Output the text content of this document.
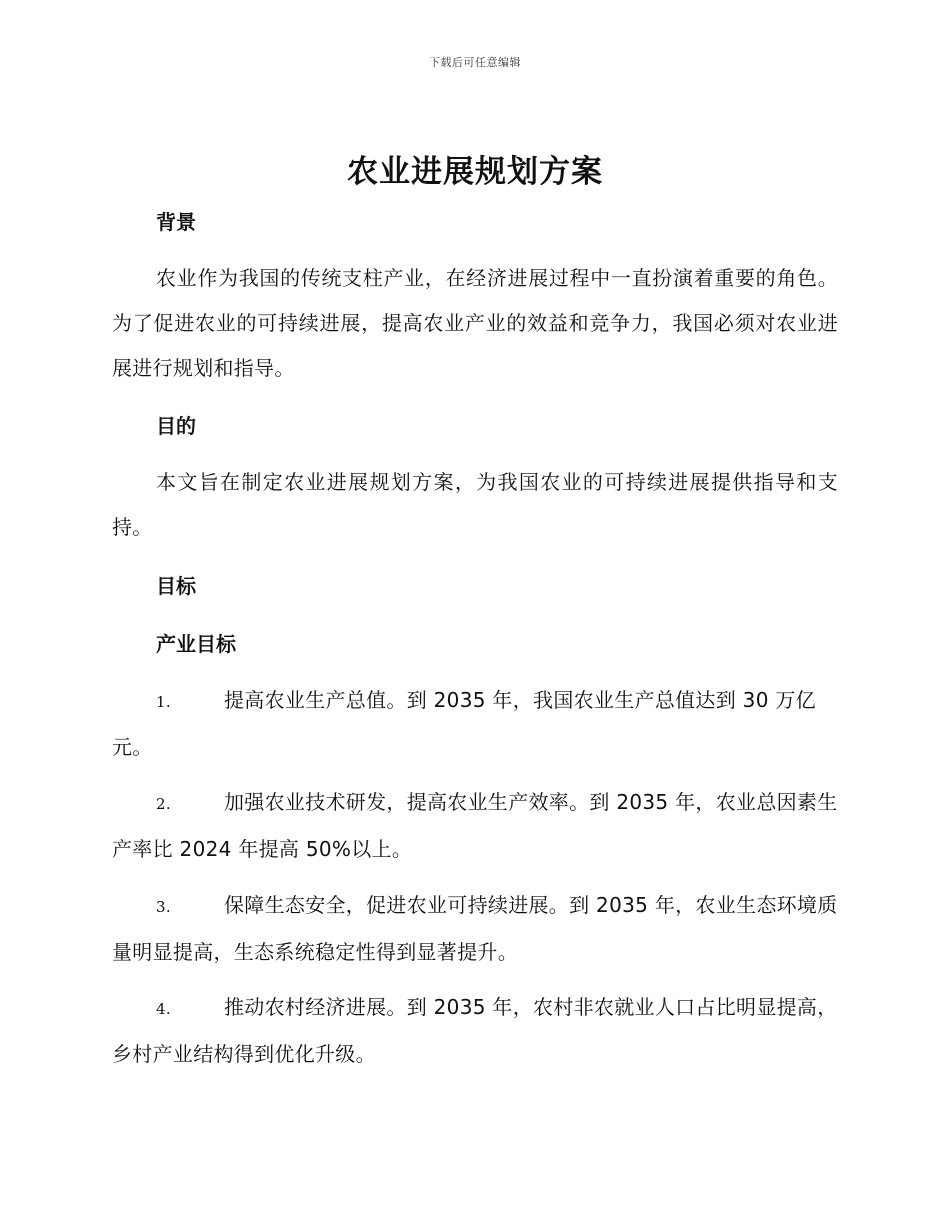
下载后可任意编辑
农业进展规划方案
背景

农业作为我国的传统支柱产业，在经济进展过程中一直扮演着重要的角色。为了促进农业的可持续进展，提高农业产业的效益和竞争力，我国必须对农业进展进行规划和指导。

目的

本文旨在制定农业进展规划方案，为我国农业的可持续进展提供指导和支持。

目标
产业目标

1.	提高农业生产总值。到 2035 年，我国农业生产总值达到 30 万亿元。

2.	加强农业技术研发，提高农业生产效率。到 2035 年，农业总因素生产率比 2024 年提高 50%以上。

3.	保障生态安全，促进农业可持续进展。到 2035 年，农业生态环境质量明显提高，生态系统稳定性得到显著提升。

4.	推动农村经济进展。到 2035 年，农村非农就业人口占比明显提高，乡村产业结构得到优化升级。
